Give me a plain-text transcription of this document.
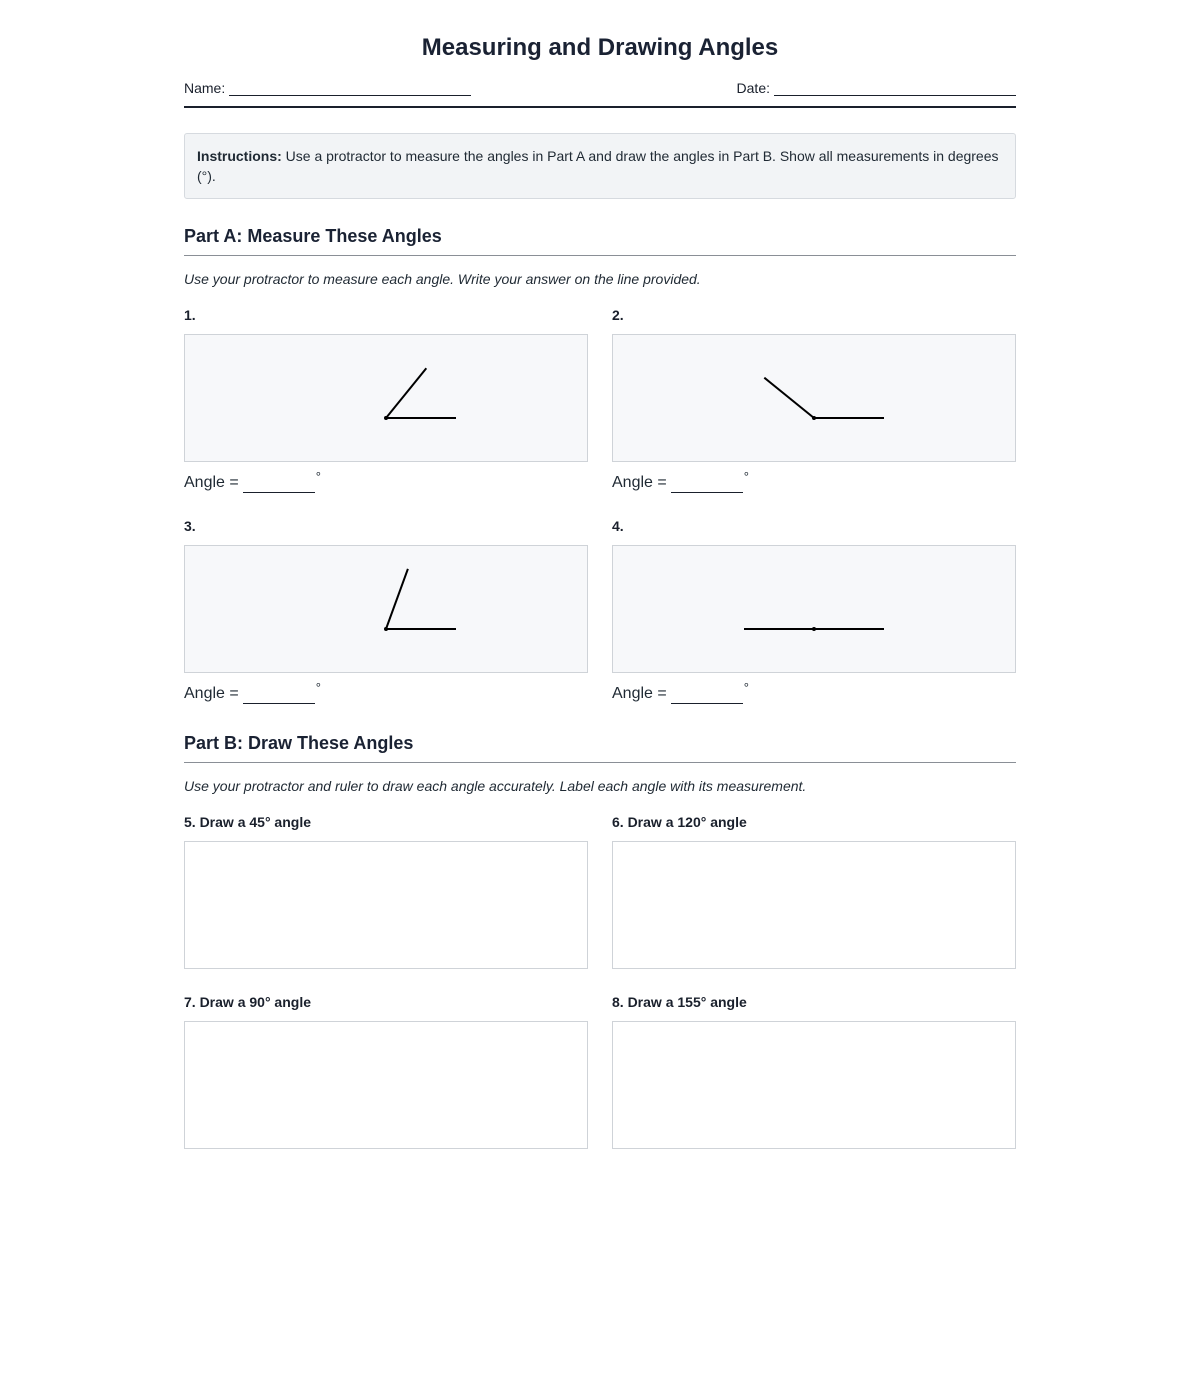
Measuring and Drawing Angles
Name:	Date:
Instructions: Use a protractor to measure the angles in Part A and draw the angles in Part B. Show all measurements in degrees (°).
Part A: Measure These Angles
Use your protractor to measure each angle. Write your answer on the line provided.
1.
Angle =	°
2.
Angle =	°
3.
Angle =	°
4.
Angle =	°
Part B: Draw These Angles
Use your protractor and ruler to draw each angle accurately. Label each angle with its measurement.
5. Draw a 45° angle	6. Draw a 120° angle
7. Draw a 90° angle	8. Draw a 155° angle
